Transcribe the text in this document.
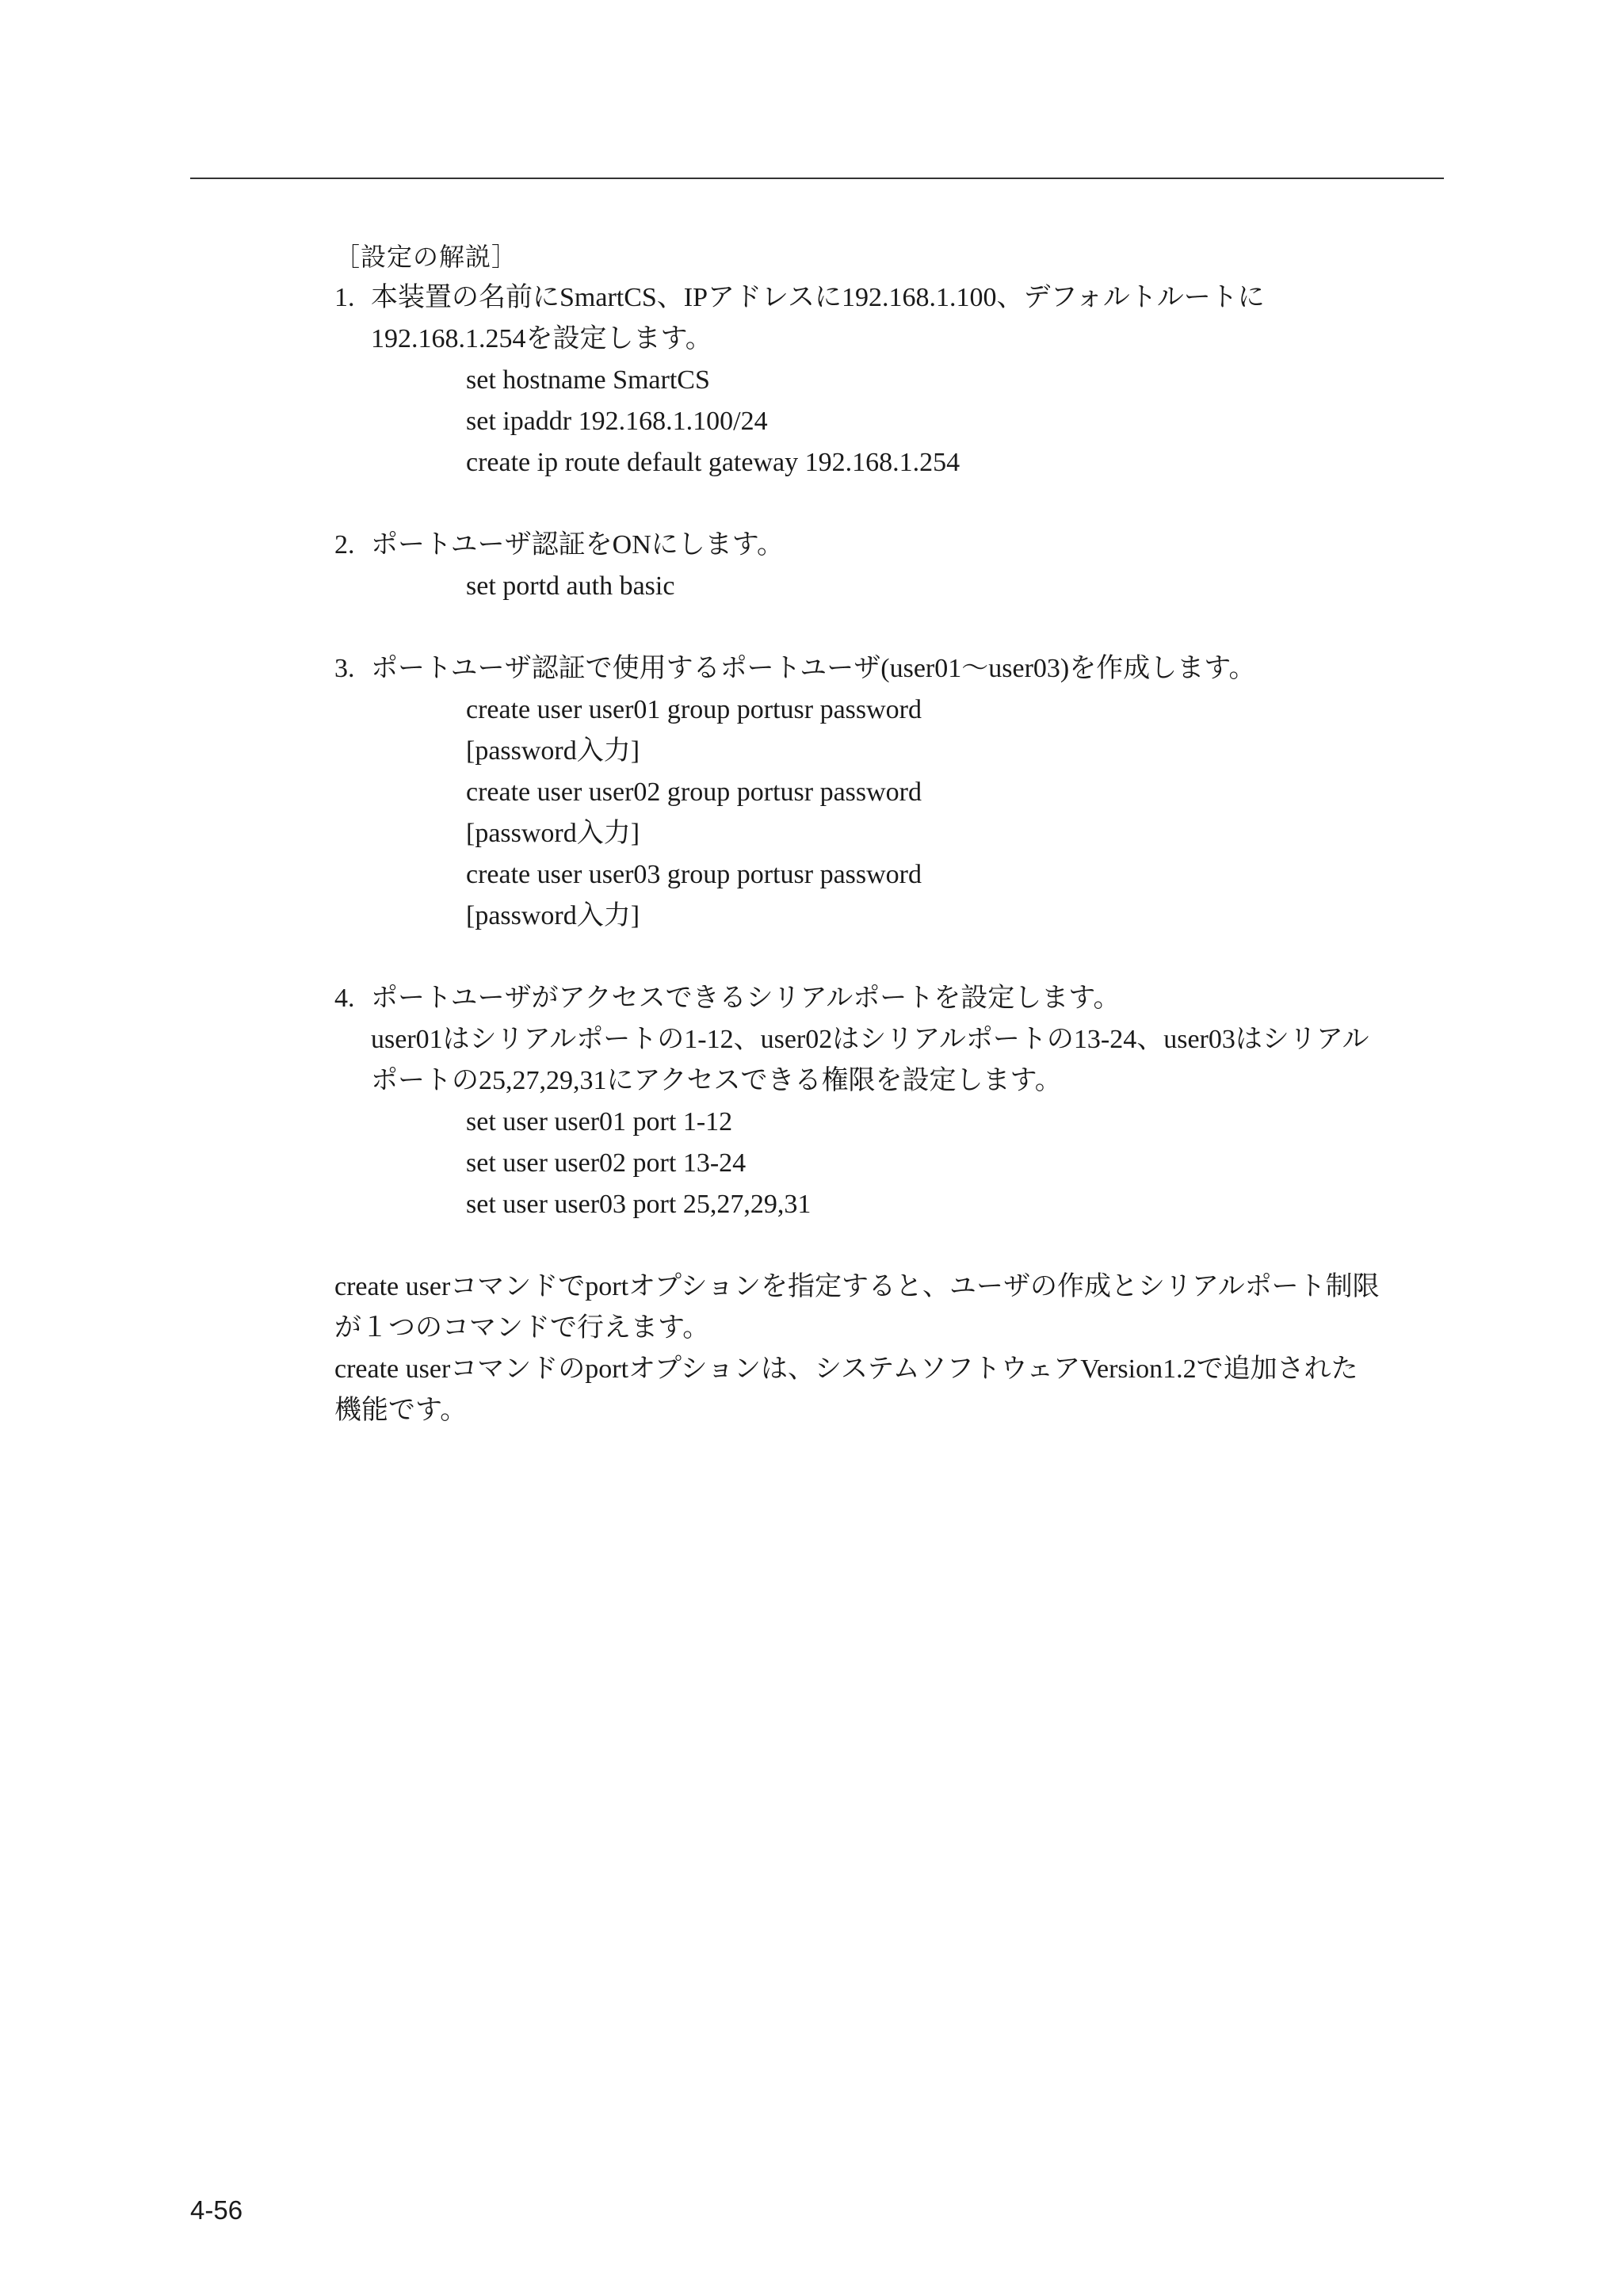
［設定の解説］
1. 本装置の名前にSmartCS、IPアドレスに192.168.1.100、デフォルトルートに
192.168.1.254を設定します。
set hostname SmartCS
set ipaddr 192.168.1.100/24
create ip route default gateway 192.168.1.254
2. ポートユーザ認証をONにします。
set portd auth basic
3. ポートユーザ認証で使用するポートユーザ(user01～user03)を作成します。
create user user01 group portusr password
[password入力]
create user user02 group portusr password
[password入力]
create user user03 group portusr password
[password入力]
4. ポートユーザがアクセスできるシリアルポートを設定します。
user01はシリアルポートの1-12、user02はシリアルポートの13-24、user03はシリアル
ポートの25,27,29,31にアクセスできる権限を設定します。
set user user01 port 1-12
set user user02 port 13-24
set user user03 port 25,27,29,31
create userコマンドでportオプションを指定すると、ユーザの作成とシリアルポート制限
が１つのコマンドで行えます。
create userコマンドのportオプションは、システムソフトウェアVersion1.2で追加された
機能です。
4-56
